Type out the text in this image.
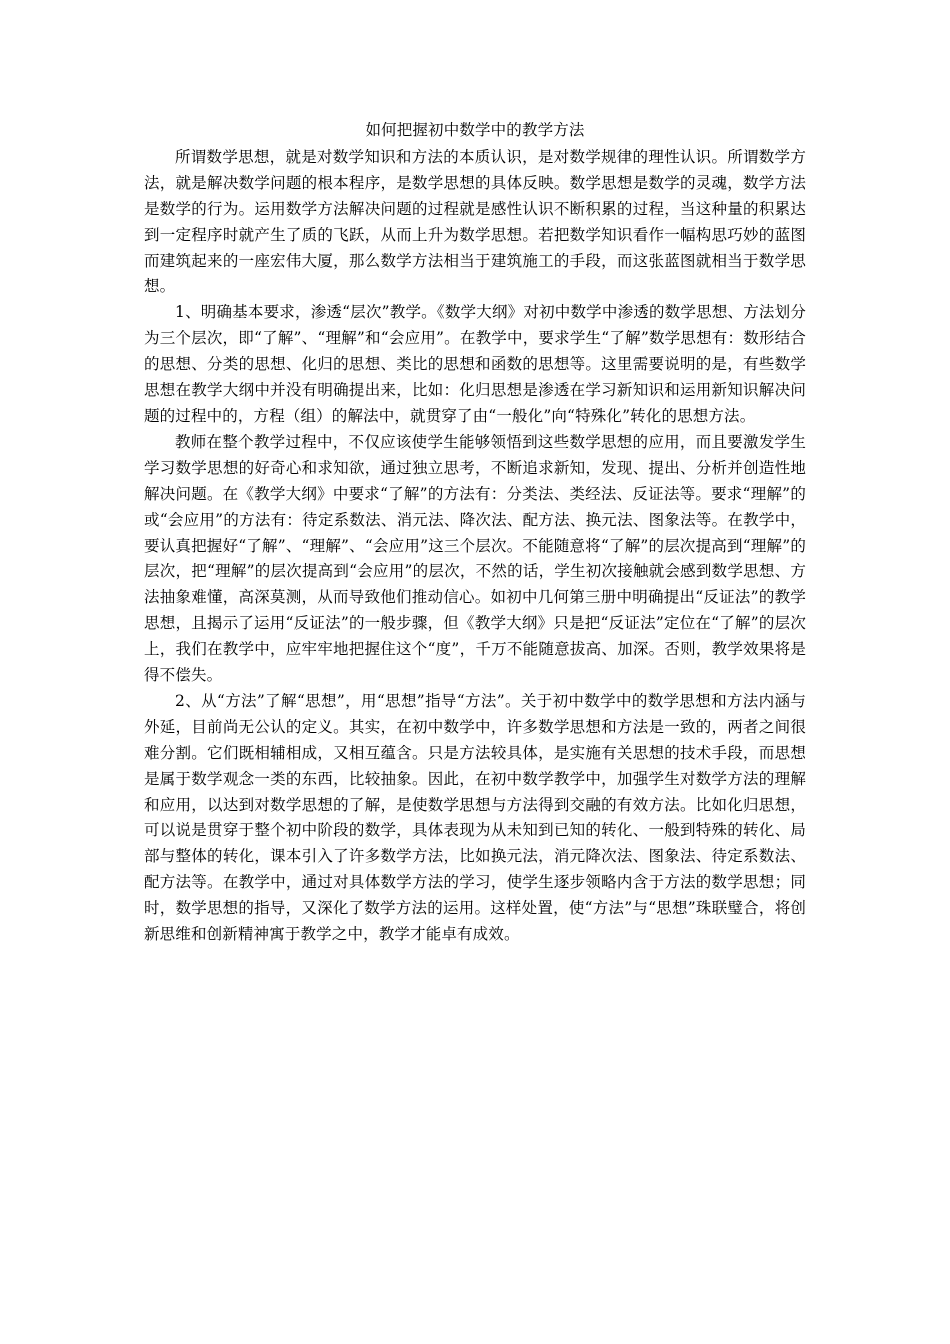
如何把握初中数学中的教学方法

所谓数学思想，就是对数学知识和方法的本质认识，是对数学规律的理性认识。所谓数学方法，就是解决数学问题的根本程序，是数学思想的具体反映。数学思想是数学的灵魂，数学方法是数学的行为。运用数学方法解决问题的过程就是感性认识不断积累的过程，当这种量的积累达到一定程序时就产生了质的飞跃，从而上升为数学思想。若把数学知识看作一幅构思巧妙的蓝图而建筑起来的一座宏伟大厦，那么数学方法相当于建筑施工的手段，而这张蓝图就相当于数学思想。

1、明确基本要求，渗透“层次”教学。《数学大纲》对初中数学中渗透的数学思想、方法划分为三个层次，即“了解”、“理解”和“会应用”。在教学中，要求学生“了解”数学思想有：数形结合的思想、分类的思想、化归的思想、类比的思想和函数的思想等。这里需要说明的是，有些数学思想在教学大纲中并没有明确提出来，比如：化归思想是渗透在学习新知识和运用新知识解决问题的过程中的，方程（组）的解法中，就贯穿了由“一般化”向“特殊化”转化的思想方法。

教师在整个教学过程中，不仅应该使学生能够领悟到这些数学思想的应用，而且要激发学生学习数学思想的好奇心和求知欲，通过独立思考，不断追求新知，发现、提出、分析并创造性地解决问题。在《教学大纲》中要求“了解”的方法有：分类法、类经法、反证法等。要求“理解”的或“会应用”的方法有：待定系数法、消元法、降次法、配方法、换元法、图象法等。在教学中，要认真把握好“了解”、“理解”、“会应用”这三个层次。不能随意将“了解”的层次提高到“理解”的层次，把“理解”的层次提高到“会应用”的层次，不然的话，学生初次接触就会感到数学思想、方法抽象难懂，高深莫测，从而导致他们推动信心。如初中几何第三册中明确提出“反证法”的教学思想，且揭示了运用“反证法”的一般步骤，但《教学大纲》只是把“反证法”定位在“了解”的层次上，我们在教学中，应牢牢地把握住这个“度”，千万不能随意拔高、加深。否则，教学效果将是得不偿失。

2、从“方法”了解“思想”，用“思想”指导“方法”。关于初中数学中的数学思想和方法内涵与外延，目前尚无公认的定义。其实，在初中数学中，许多数学思想和方法是一致的，两者之间很难分割。它们既相辅相成，又相互蕴含。只是方法较具体，是实施有关思想的技术手段，而思想是属于数学观念一类的东西，比较抽象。因此，在初中数学教学中，加强学生对数学方法的理解和应用，以达到对数学思想的了解，是使数学思想与方法得到交融的有效方法。比如化归思想，可以说是贯穿于整个初中阶段的数学，具体表现为从未知到已知的转化、一般到特殊的转化、局部与整体的转化，课本引入了许多数学方法，比如换元法，消元降次法、图象法、待定系数法、配方法等。在教学中，通过对具体数学方法的学习，使学生逐步领略内含于方法的数学思想；同时，数学思想的指导，又深化了数学方法的运用。这样处置，使“方法”与“思想”珠联璧合，将创新思维和创新精神寓于教学之中，教学才能卓有成效。
